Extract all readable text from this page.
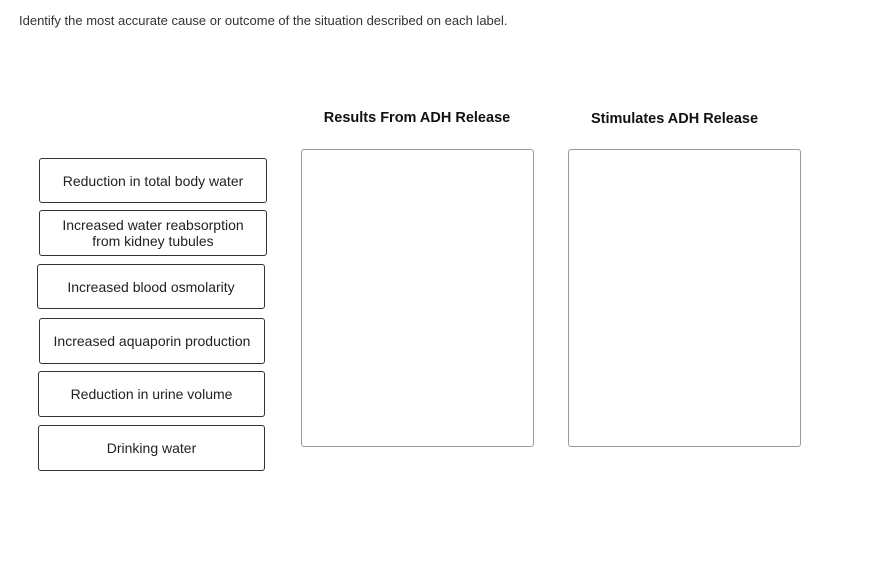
Identify the most accurate cause or outcome of the situation described on each label.
Reduction in total body water
Increased water reabsorption
from kidney tubules
Increased blood osmolarity
Increased aquaporin production
Reduction in urine volume
Drinking water
Results From ADH Release	Stimulates ADH Release
